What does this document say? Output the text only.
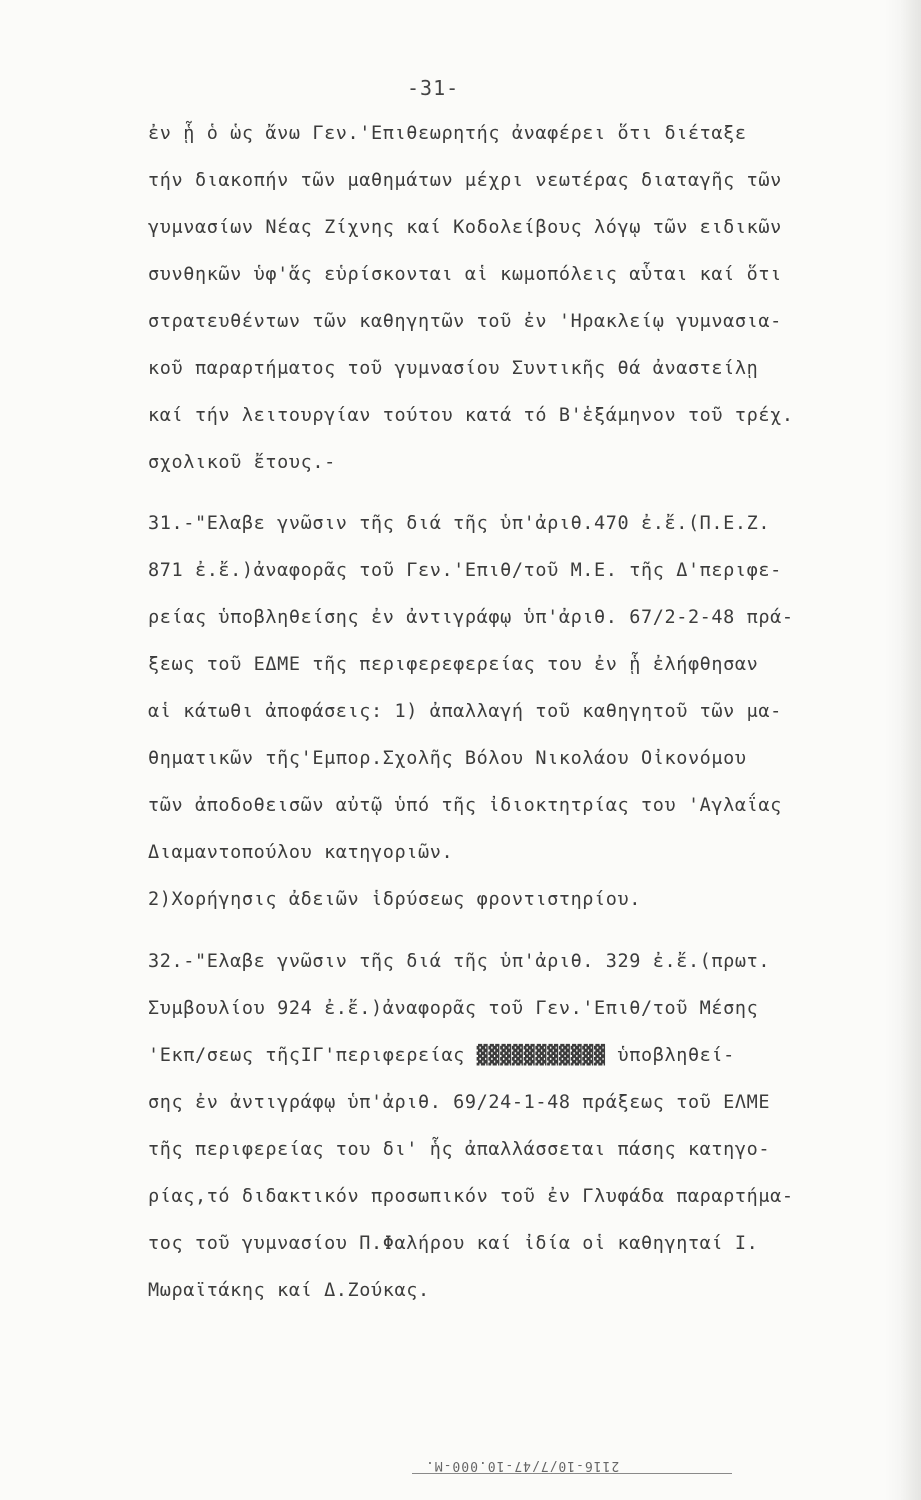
-31-
ἐν ᾗ ὁ ὡς ἄνω Γεν.'Επιθεωρητής ἀναφέρει ὅτι διέταξε
τήν διακοπήν τῶν μαθημάτων μέχρι νεωτέρας διαταγῆς τῶν
γυμνασίων Νέας Ζίχνης καί Κοδολείβους λόγῳ τῶν ειδικῶν
συνθηκῶν ὑφ'ἅς εὑρίσκονται αἱ κωμοπόλεις αὗται καί ὅτι
στρατευθέντων τῶν καθηγητῶν τοῦ ἐν 'Ηρακλείῳ γυμνασια-
κοῦ παραρτήματος τοῦ γυμνασίου Συντικῆς θά ἀναστείλῃ
καί τήν λειτουργίαν τούτου κατά τό Β'ἑξάμηνον τοῦ τρέχ.
σχολικοῦ ἔτους.-
31.-"Ελαβε γνῶσιν τῆς διά τῆς ὑπ'ἀριθ.470 ἐ.ἔ.(Π.Ε.Ζ.
871 ἐ.ἔ.)ἀναφορᾶς τοῦ Γεν.'Επιθ/τοῦ Μ.Ε. τῆς Δ'περιφε-
ρείας ὑποβληθείσης ἐν ἀντιγράφῳ ὑπ'ἀριθ. 67/2-2-48 πρά-
ξεως τοῦ ΕΔΜΕ τῆς περιφερεφερείας του ἐν ᾗ ἐλήφθησαν
αἱ κάτωθι ἀποφάσεις: 1) ἀπαλλαγή τοῦ καθηγητοῦ τῶν μα-
θηματικῶν τῆς'Εμπορ.Σχολῆς Βόλου Νικολάου Οἰκονόμου
τῶν ἀποδοθεισῶν αὐτῷ ὑπό τῆς ἰδιοκτητρίας του 'Αγλαΐας
Διαμαντοπούλου κατηγοριῶν.
2)Χορήγησις ἀδειῶν ἱδρύσεως φροντιστηρίου.
32.-"Ελαβε γνῶσιν τῆς διά τῆς ὑπ'ἀριθ. 329 ἐ.ἔ.(πρωτ.
Συμβουλίου 924 ἐ.ἔ.)ἀναφορᾶς τοῦ Γεν.'Επιθ/τοῦ Μέσης
'Εκπ/σεως τῆςΙΓ'περιφερείας ▓▓▓▓▓▓▓▓▓▓▓ ὑποβληθεί-
σης ἐν ἀντιγράφῳ ὑπ'ἀριθ. 69/24-1-48 πράξεως τοῦ ΕΛΜΕ
τῆς περιφερείας του δι' ἧς ἀπαλλάσσεται πάσης κατηγο-
ρίας,τό διδακτικόν προσωπικόν τοῦ ἐν Γλυφάδα παραρτήμα-
τος τοῦ γυμνασίου Π.Φαλήρου καί ἰδία οἱ καθηγηταί Ι.
Μωραϊτάκης καί Δ.Ζούκας.
2116-10/7/47-10.000-Μ.
